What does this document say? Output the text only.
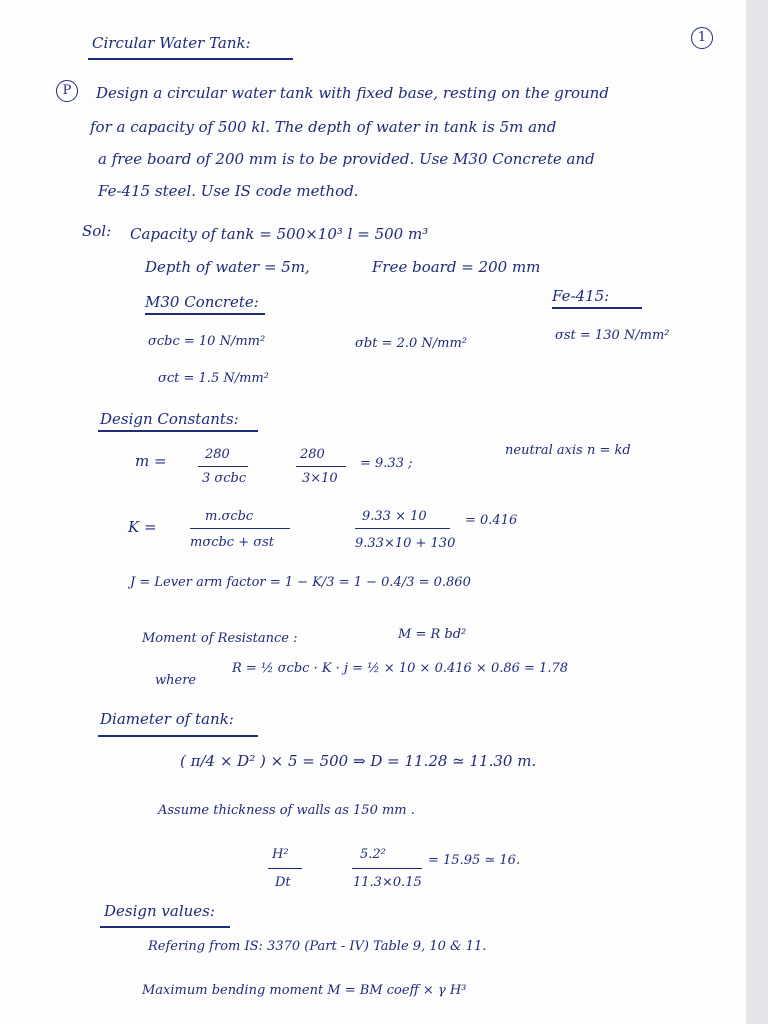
1
Circular Water Tank:
P	Design a circular water tank with fixed base, resting on the ground
for a capacity of 500 kl. The depth of water in tank is 5m and
a free board of 200 mm is to be provided. Use M30 Concrete and
Fe-415 steel. Use IS code method.
Sol: Capacity of tank = 500×10³ l = 500 m³
Depth of water = 5m,	Free board = 200 mm
M30 Concrete:	Fe-415:
σcbc = 10 N/mm²	σbt = 2.0 N/mm²
σst = 130 N/mm²
σct = 1.5 N/mm²
Design Constants:
m =	280
3 σcbc
280
3×10
= 9.33 ;
neutral axis n = kd
K =
m.σcbc
mσcbc + σst
9.33 × 10
9.33×10 + 130
= 0.416
J = Lever arm factor = 1 − K/3 = 1 − 0.4/3 = 0.860
Moment of Resistance :	M = R bd²
where
R = ½ σcbc · K · j = ½ × 10 × 0.416 × 0.86 = 1.78
Diameter of tank:
( π/4 × D² ) × 5 = 500 ⇒ D = 11.28 ≃ 11.30 m.
Assume thickness of walls as 150 mm .
H²
Dt
5.2²
11.3×0.15
= 15.95 ≃ 16.
Design values:
Refering from IS: 3370 (Part - IV) Table 9, 10 & 11.
Maximum bending moment M = BM coeff × γ H³
